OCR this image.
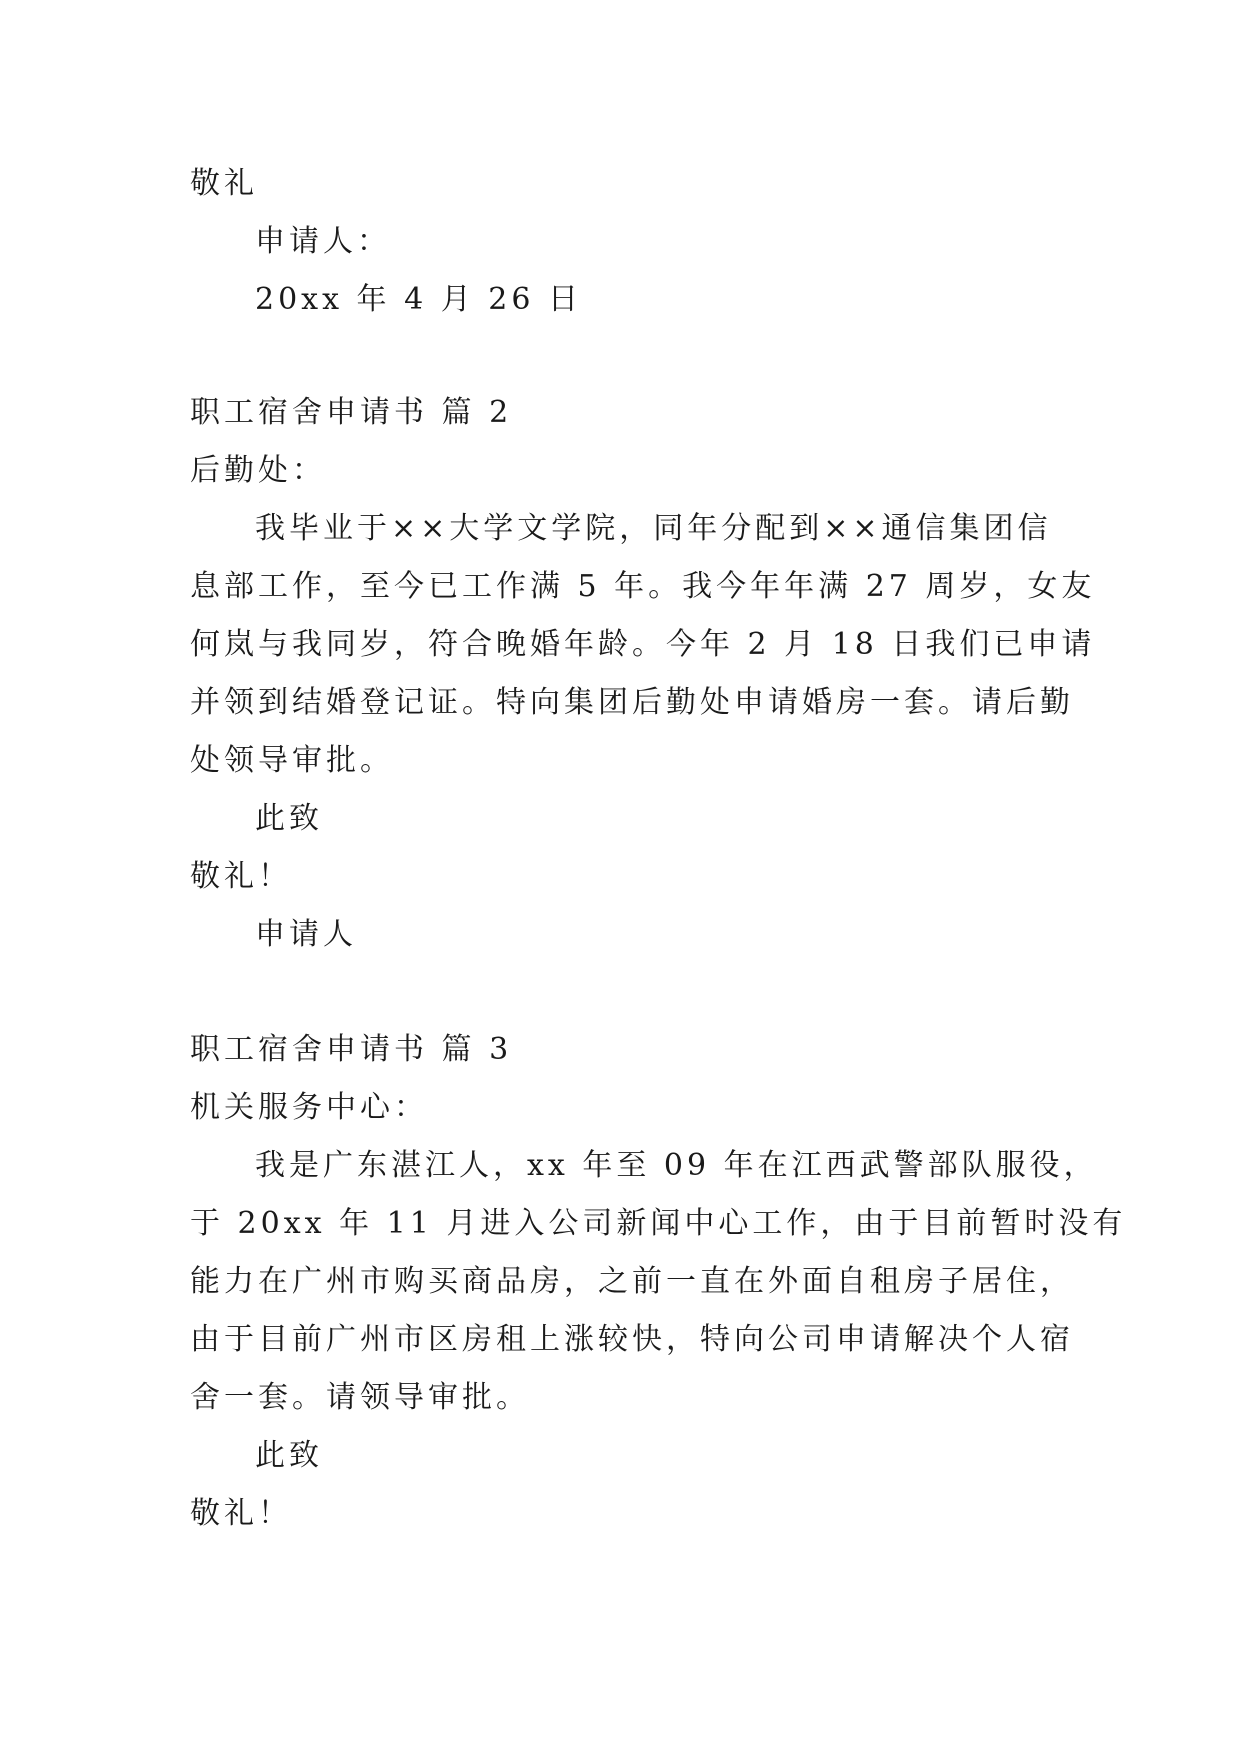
敬礼
申请人：
20xx 年 4 月 26 日
职工宿舍申请书 篇 2
后勤处：
我毕业于××大学文学院，同年分配到××通信集团信
息部工作，至今已工作满 5 年。我今年年满 27 周岁，女友
何岚与我同岁，符合晚婚年龄。今年 2 月 18 日我们已申请
并领到结婚登记证。特向集团后勤处申请婚房一套。请后勤
处领导审批。
此致
敬礼！
申请人
职工宿舍申请书 篇 3
机关服务中心：
我是广东湛江人，xx 年至 09 年在江西武警部队服役，
于 20xx 年 11 月进入公司新闻中心工作，由于目前暂时没有
能力在广州市购买商品房，之前一直在外面自租房子居住，
由于目前广州市区房租上涨较快，特向公司申请解决个人宿
舍一套。请领导审批。
此致
敬礼！
